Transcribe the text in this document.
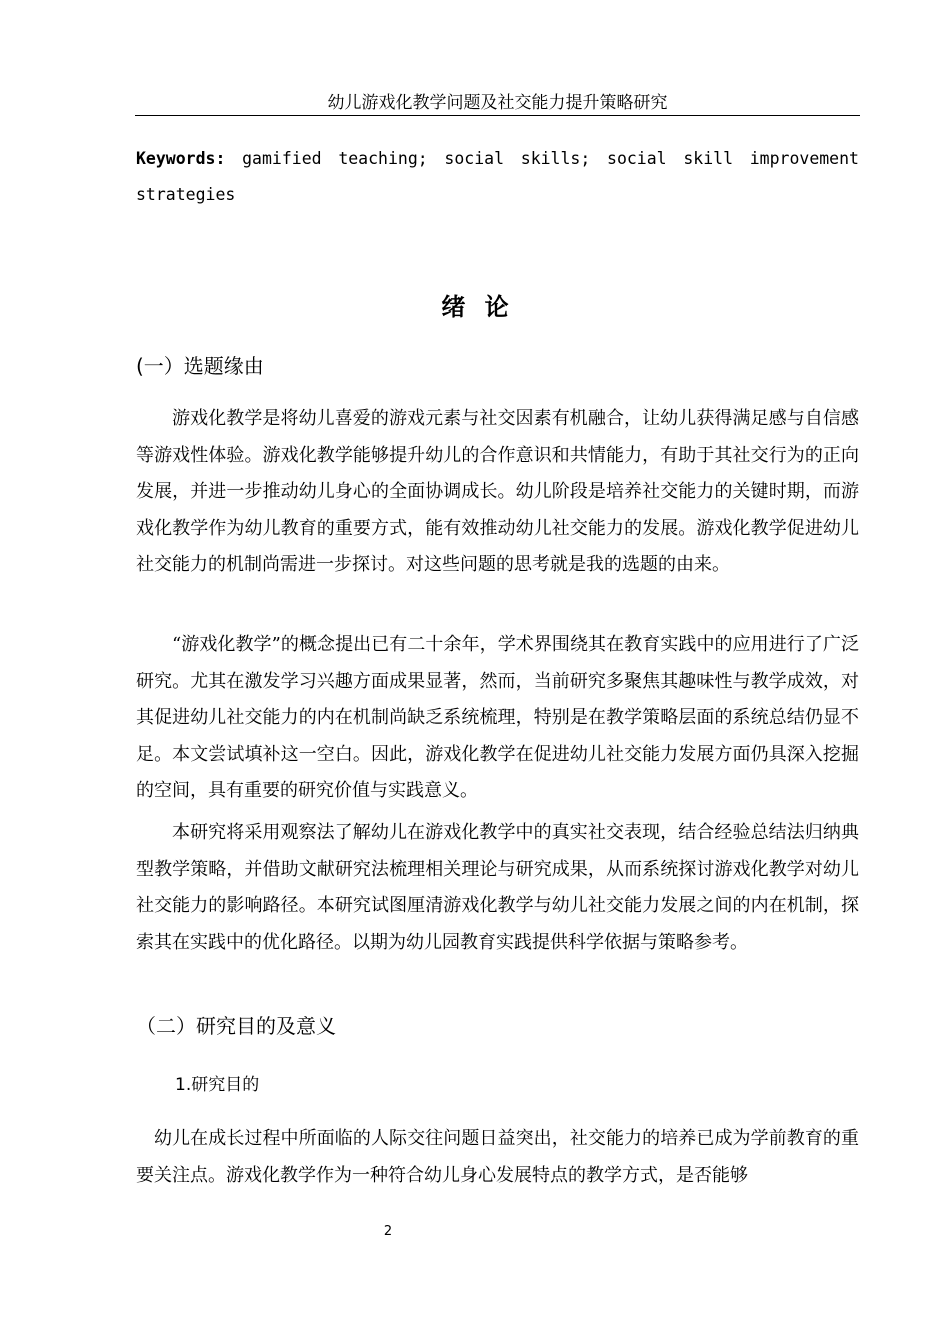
幼儿游戏化教学问题及社交能力提升策略研究
Keywords: gamified teaching; social skills; social skill improvement strategies
绪论
(一）选题缘由

游戏化教学是将幼儿喜爱的游戏元素与社交因素有机融合，让幼儿获得满足感与自信感等游戏性体验。游戏化教学能够提升幼儿的合作意识和共情能力，有助于其社交行为的正向发展，并进一步推动幼儿身心的全面协调成长。幼儿阶段是培养社交能力的关键时期，而游戏化教学作为幼儿教育的重要方式，能有效推动幼儿社交能力的发展。游戏化教学促进幼儿社交能力的机制尚需进一步探讨。对这些问题的思考就是我的选题的由来。

“游戏化教学”的概念提出已有二十余年，学术界围绕其在教育实践中的应用进行了广泛研究。尤其在激发学习兴趣方面成果显著，然而，当前研究多聚焦其趣味性与教学成效，对其促进幼儿社交能力的内在机制尚缺乏系统梳理，特别是在教学策略层面的系统总结仍显不足。本文尝试填补这一空白。因此，游戏化教学在促进幼儿社交能力发展方面仍具深入挖掘的空间，具有重要的研究价值与实践意义。

本研究将采用观察法了解幼儿在游戏化教学中的真实社交表现，结合经验总结法归纳典型教学策略，并借助文献研究法梳理相关理论与研究成果，从而系统探讨游戏化教学对幼儿社交能力的影响路径。本研究试图厘清游戏化教学与幼儿社交能力发展之间的内在机制，探索其在实践中的优化路径。以期为幼儿园教育实践提供科学依据与策略参考。

（二）研究目的及意义
1.研究目的

幼儿在成长过程中所面临的人际交往问题日益突出，社交能力的培养已成为学前教育的重要关注点。游戏化教学作为一种符合幼儿身心发展特点的教学方式，是否能够

2
